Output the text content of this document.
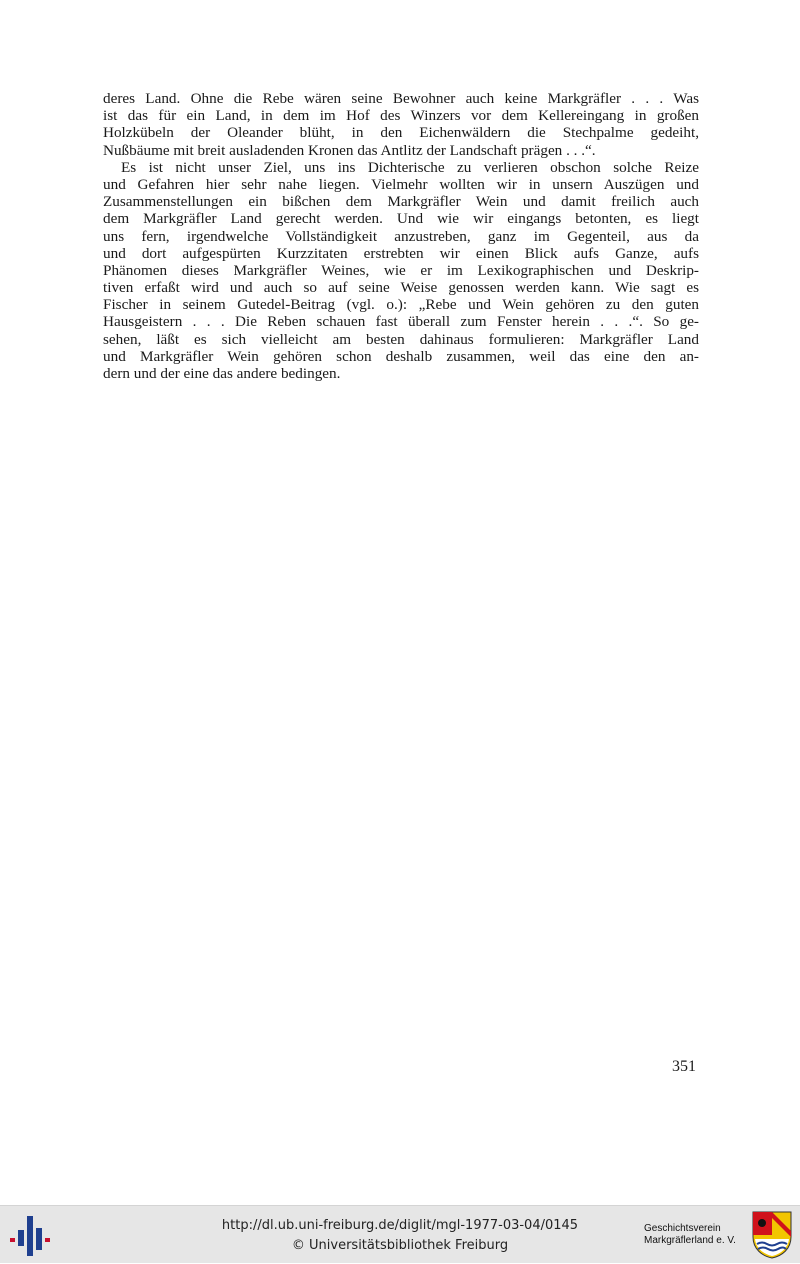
deres Land. Ohne die Rebe wären seine Bewohner auch keine Markgräfler . . . Was
ist das für ein Land, in dem im Hof des Winzers vor dem Kellereingang in großen
Holzkübeln der Oleander blüht, in den Eichenwäldern die Stechpalme gedeiht,
Nußbäume mit breit ausladenden Kronen das Antlitz der Landschaft prägen . . .“.

Es ist nicht unser Ziel, uns ins Dichterische zu verlieren obschon solche Reize
und Gefahren hier sehr nahe liegen. Vielmehr wollten wir in unsern Auszügen und
Zusammenstellungen ein bißchen dem Markgräfler Wein und damit freilich auch
dem Markgräfler Land gerecht werden. Und wie wir eingangs betonten, es liegt
uns fern, irgendwelche Vollständigkeit anzustreben, ganz im Gegenteil, aus da
und dort aufgespürten Kurzzitaten erstrebten wir einen Blick aufs Ganze, aufs
Phänomen dieses Markgräfler Weines, wie er im Lexikographischen und Deskrip-
tiven erfaßt wird und auch so auf seine Weise genossen werden kann. Wie sagt es
Fischer in seinem Gutedel-Beitrag (vgl. o.): „Rebe und Wein gehören zu den guten
Hausgeistern . . . Die Reben schauen fast überall zum Fenster herein . . .“. So ge-
sehen, läßt es sich vielleicht am besten dahinaus formulieren: Markgräfler Land
und Markgräfler Wein gehören schon deshalb zusammen, weil das eine den an-
dern und der eine das andere bedingen.

351
http://dl.ub.uni-freiburg.de/diglit/mgl-1977-03-04/0145
© Universitätsbibliothek Freiburg
Geschichtsverein
Markgräflerland e. V.
